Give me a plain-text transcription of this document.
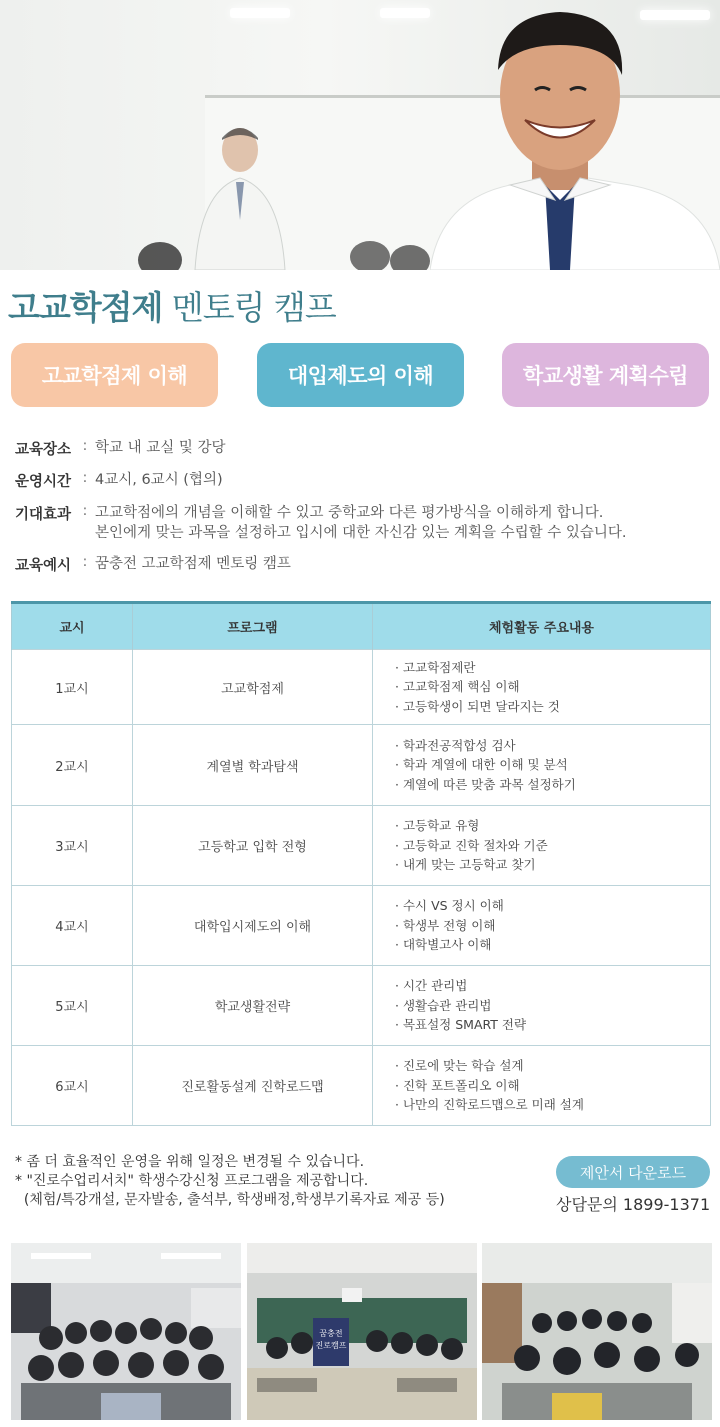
고교학점제 멘토링 캠프
고교학점제 이해	대입제도의 이해	학교생활 계획수립
교육장소 : 학교 내 교실 및 강당
운영시간 : 4교시, 6교시 (협의)
기대효과 : 고교학점에의 개념을 이해할 수 있고 중학교와 다른 평가방식을 이해하게 합니다.
본인에게 맞는 과목을 설정하고 입시에 대한 자신감 있는 계획을 수립할 수 있습니다.
교육예시 : 꿈충전 고교학점제 멘토링 캠프
교시	프로그램	체험활동 주요내용
1교시	고교학점제	· 고교학점제란
· 고교학점제 핵심 이해
· 고등학생이 되면 달라지는 것

2교시	계열별 학과탐색	· 학과전공적합성 검사
· 학과 계열에 대한 이해 및 분석
· 계열에 따른 맞춤 과목 설정하기

3교시	고등학교 입학 전형	· 고등학교 유형
· 고등학교 진학 절차와 기준
· 내게 맞는 고등학교 찾기

4교시	대학입시제도의 이해	· 수시 VS 정시 이해
· 학생부 전형 이해
· 대학별고사 이해

5교시	학교생활전략	· 시간 관리법
· 생활습관 관리법
· 목표설정 SMART 전략

6교시	진로활동설계 진학로드맵	· 진로에 맞는 학습 설계
· 진학 포트폴리오 이해
· 나만의 진학로드맵으로 미래 설계
* 좀 더 효율적인 운영을 위해 일정은 변경될 수 있습니다.
* "진로수업리서치" 학생수강신청 프로그램을 제공합니다.
(체험/특강개설, 문자발송, 출석부, 학생배정,학생부기록자료 제공 등)
제안서 다운로드
상담문의 1899-1371
꿈충전
진로캠프
